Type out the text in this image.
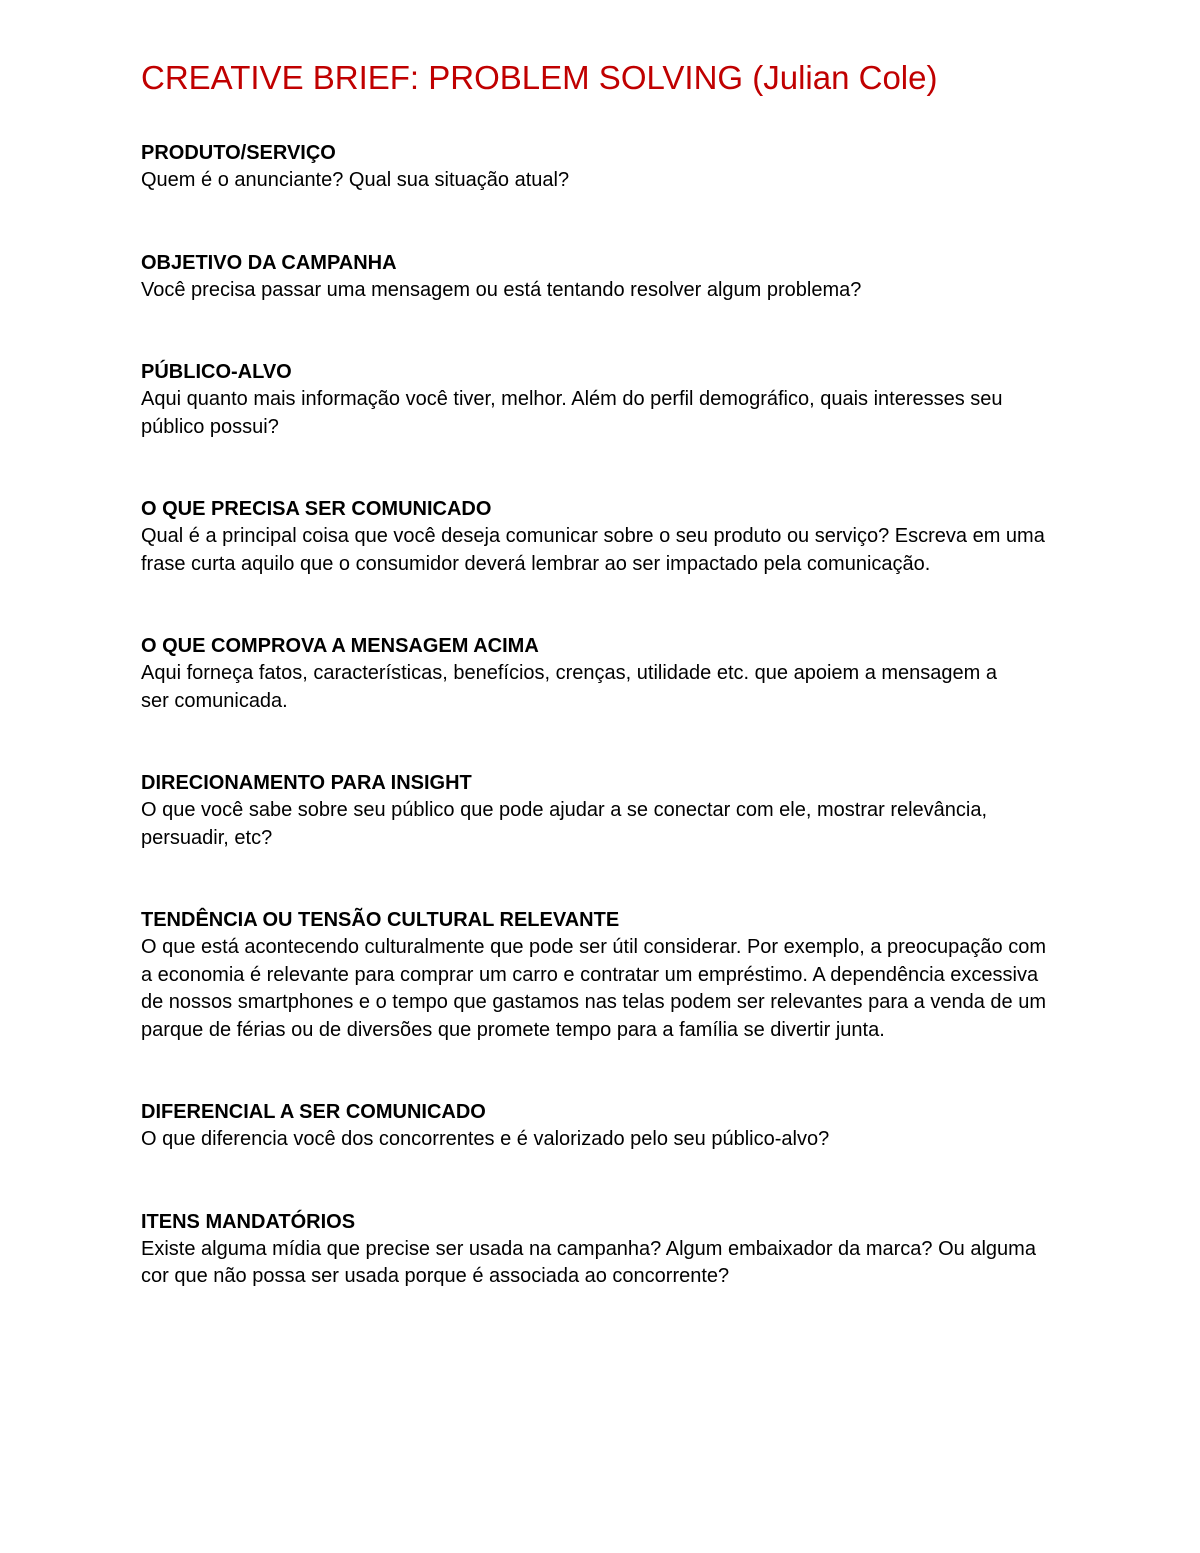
CREATIVE BRIEF: PROBLEM SOLVING (Julian Cole)

PRODUTO/SERVIÇO

Quem é o anunciante? Qual sua situação atual?

OBJETIVO DA CAMPANHA

Você precisa passar uma mensagem ou está tentando resolver algum problema?

PÚBLICO-ALVO

Aqui quanto mais informação você tiver, melhor. Além do perfil demográfico, quais interesses seu público possui?

O QUE PRECISA SER COMUNICADO

Qual é a principal coisa que você deseja comunicar sobre o seu produto ou serviço? Escreva em uma frase curta aquilo que o consumidor deverá lembrar ao ser impactado pela comunicação.

O QUE COMPROVA A MENSAGEM ACIMA

Aqui forneça fatos, características, benefícios, crenças, utilidade etc. que apoiem a mensagem a ser comunicada.

DIRECIONAMENTO PARA INSIGHT

O que você sabe sobre seu público que pode ajudar a se conectar com ele, mostrar relevância, persuadir, etc?

TENDÊNCIA OU TENSÃO CULTURAL RELEVANTE

O que está acontecendo culturalmente que pode ser útil considerar. Por exemplo, a preocupação com a economia é relevante para comprar um carro e contratar um empréstimo. A dependência excessiva de nossos smartphones e o tempo que gastamos nas telas podem ser relevantes para a venda de um parque de férias ou de diversões que promete tempo para a família se divertir junta.

DIFERENCIAL A SER COMUNICADO

O que diferencia você dos concorrentes e é valorizado pelo seu público-alvo?

ITENS MANDATÓRIOS

Existe alguma mídia que precise ser usada na campanha? Algum embaixador da marca? Ou alguma cor que não possa ser usada porque é associada ao concorrente?
